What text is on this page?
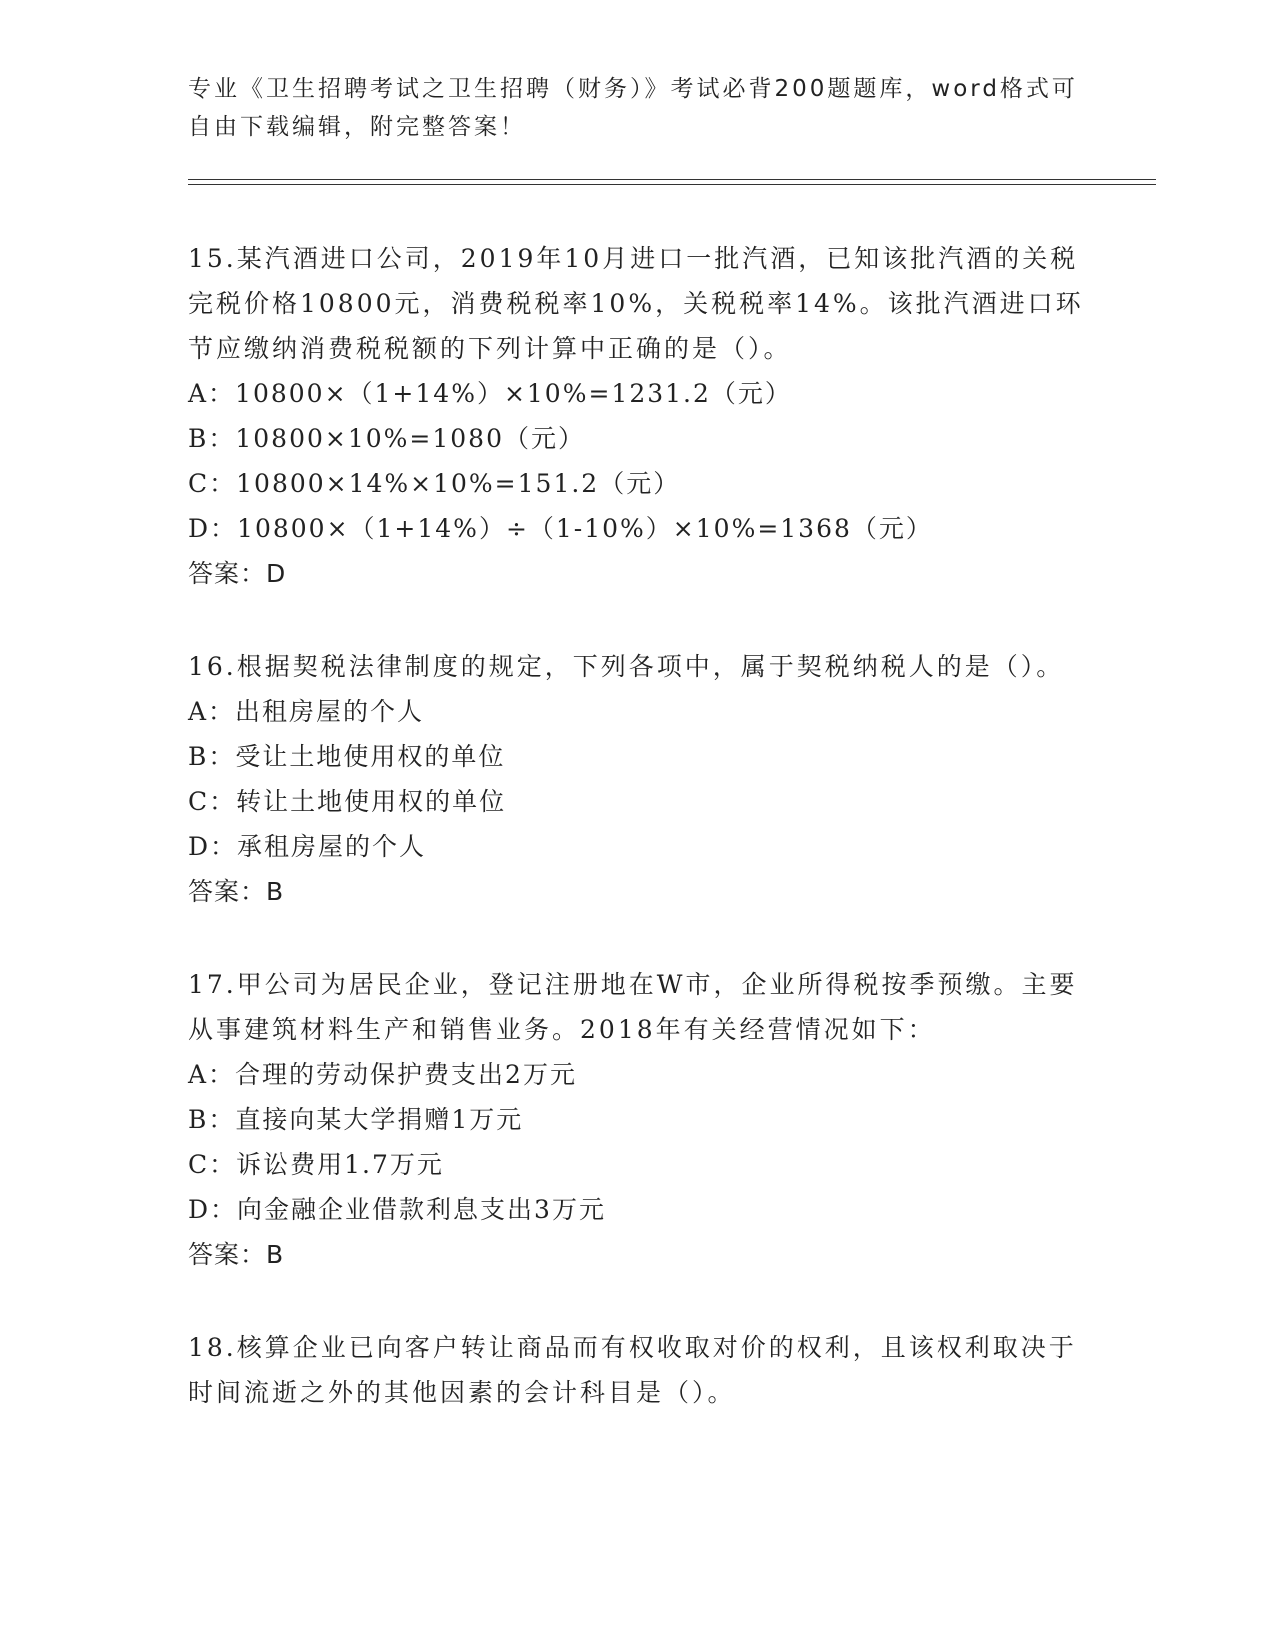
专业《卫生招聘考试之卫生招聘（财务）》考试必背200题题库，word格式可自由下载编辑，附完整答案！
15.某汽酒进口公司，2019年10月进口一批汽酒，已知该批汽酒的关税完税价格10800元，消费税税率10%，关税税率14%。该批汽酒进口环节应缴纳消费税税额的下列计算中正确的是（）。
A：10800×（1+14%）×10%=1231.2（元）
B：10800×10%=1080（元）
C：10800×14%×10%=151.2（元）
D：10800×（1+14%）÷（1-10%）×10%=1368（元）
答案：D
16.根据契税法律制度的规定，下列各项中，属于契税纳税人的是（）。
A：出租房屋的个人
B：受让土地使用权的单位
C：转让土地使用权的单位
D：承租房屋的个人
答案：B
17.甲公司为居民企业，登记注册地在W市，企业所得税按季预缴。主要从事建筑材料生产和销售业务。2018年有关经营情况如下：
A：合理的劳动保护费支出2万元
B：直接向某大学捐赠1万元
C：诉讼费用1.7万元
D：向金融企业借款利息支出3万元
答案：B
18.核算企业已向客户转让商品而有权收取对价的权利，且该权利取决于时间流逝之外的其他因素的会计科目是（）。
